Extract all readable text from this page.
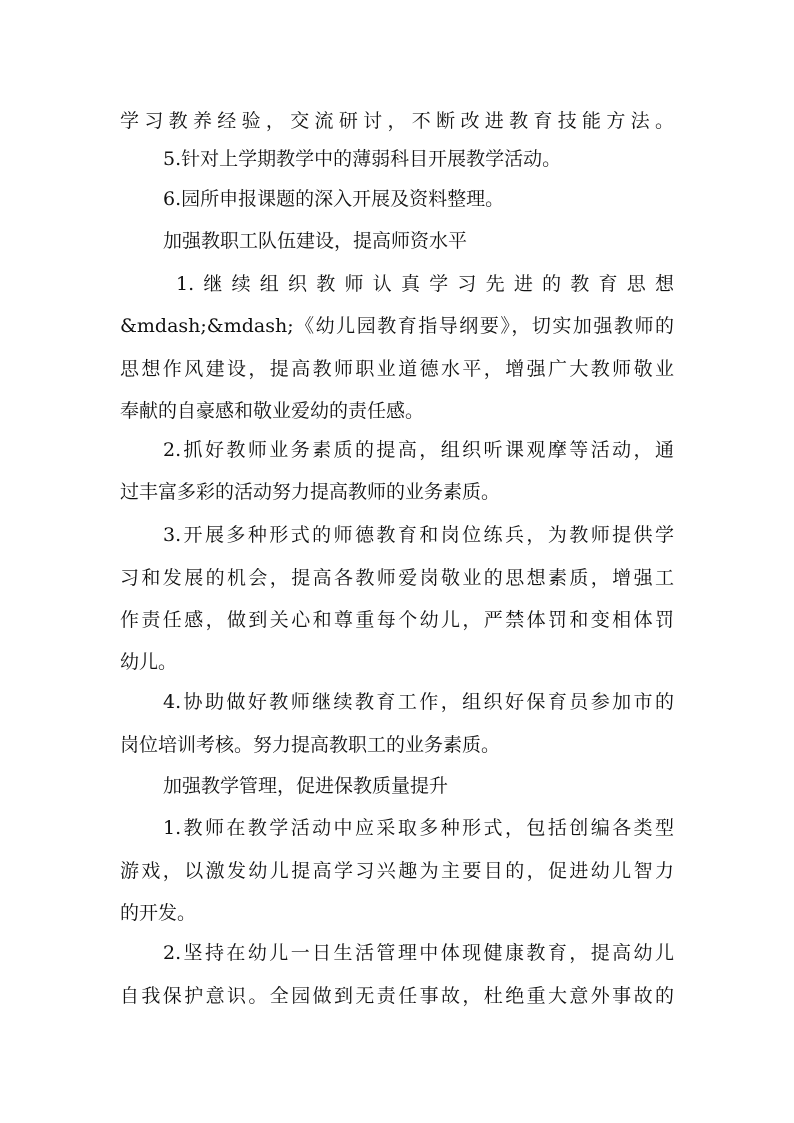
学习教养经验，交流研讨，不断改进教育技能方法。
5.针对上学期教学中的薄弱科目开展教学活动。
6.园所申报课题的深入开展及资料整理。
加强教职工队伍建设，提高师资水平
1.继续组织教师认真学习先进的教育思想
&mdash;&mdash;《幼儿园教育指导纲要》，切实加强教师的
思想作风建设，提高教师职业道德水平，增强广大教师敬业
奉献的自豪感和敬业爱幼的责任感。
2.抓好教师业务素质的提高，组织听课观摩等活动，通
过丰富多彩的活动努力提高教师的业务素质。
3.开展多种形式的师德教育和岗位练兵，为教师提供学
习和发展的机会，提高各教师爱岗敬业的思想素质，增强工
作责任感，做到关心和尊重每个幼儿，严禁体罚和变相体罚
幼儿。
4.协助做好教师继续教育工作，组织好保育员参加市的
岗位培训考核。努力提高教职工的业务素质。
加强教学管理，促进保教质量提升
1.教师在教学活动中应采取多种形式，包括创编各类型
游戏，以激发幼儿提高学习兴趣为主要目的，促进幼儿智力
的开发。
2.坚持在幼儿一日生活管理中体现健康教育，提高幼儿
自我保护意识。全园做到无责任事故，杜绝重大意外事故的
